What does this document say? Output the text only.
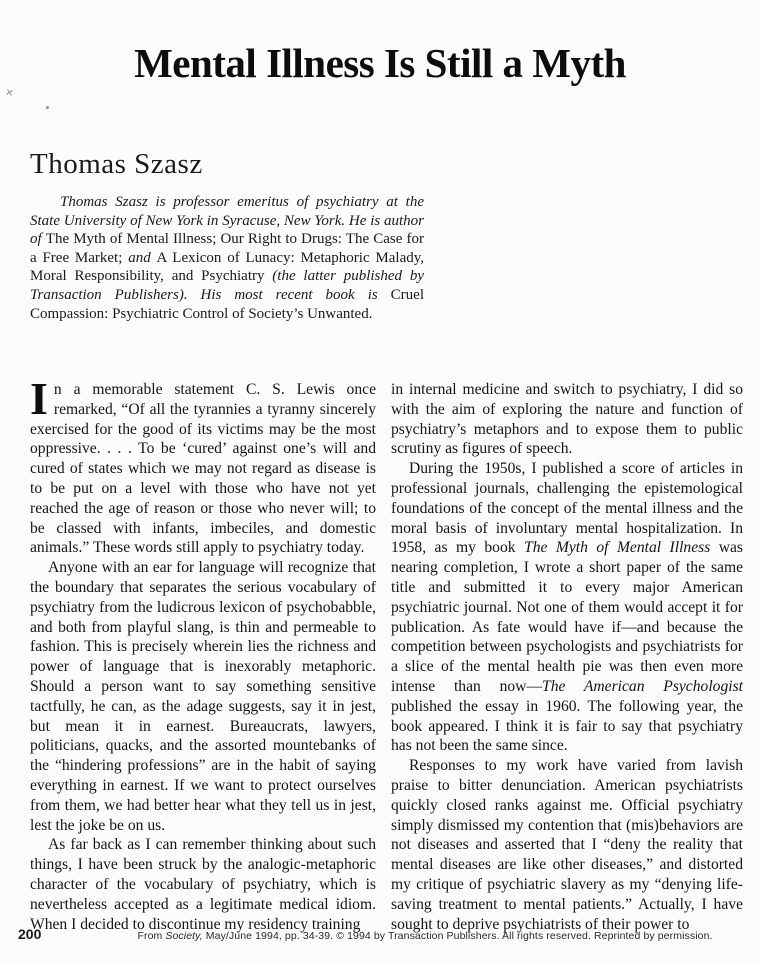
Mental Illness Is Still a Myth
✕
Thomas Szasz
Thomas Szasz is professor emeritus of psychiatry at the State University of New York in Syracuse, New York. He is author of The Myth of Mental Illness; Our Right to Drugs: The Case for a Free Market; and A Lexicon of Lunacy: Metaphoric Malady, Moral Responsibility, and Psychiatry (the latter published by Transaction Publishers). His most recent book is Cruel Compassion: Psychiatric Control of Society’s Unwanted.

In a memorable statement C. S. Lewis once remarked, “Of all the tyrannies a tyranny sincerely exercised for the good of its victims may be the most oppressive. . . . To be ‘cured’ against one’s will and cured of states which we may not regard as disease is to be put on a level with those who have not yet reached the age of reason or those who never will; to be classed with infants, imbeciles, and domestic animals.” These words still apply to psychiatry today.

Anyone with an ear for language will recognize that the boundary that separates the serious vocabulary of psychiatry from the ludicrous lexicon of psychobabble, and both from playful slang, is thin and permeable to fashion. This is precisely wherein lies the richness and power of language that is inexorably metaphoric. Should a person want to say something sensitive tactfully, he can, as the adage suggests, say it in jest, but mean it in earnest. Bureaucrats, lawyers, politicians, quacks, and the assorted mountebanks of the “hindering professions” are in the habit of saying everything in earnest. If we want to protect ourselves from them, we had better hear what they tell us in jest, lest the joke be on us.

As far back as I can remember thinking about such things, I have been struck by the analogic-metaphoric character of the vocabulary of psychiatry, which is nevertheless accepted as a legitimate medical idiom. When I decided to discontinue my residency training

in internal medicine and switch to psychiatry, I did so with the aim of exploring the nature and function of psychiatry’s metaphors and to expose them to public scrutiny as figures of speech.

During the 1950s, I published a score of articles in professional journals, challenging the epistemological foundations of the concept of the mental illness and the moral basis of involuntary mental hospitalization. In 1958, as my book The Myth of Mental Illness was nearing completion, I wrote a short paper of the same title and submitted it to every major American psychiatric journal. Not one of them would accept it for publication. As fate would have if—and because the competition between psychologists and psychiatrists for a slice of the mental health pie was then even more intense than now—The American Psychologist published the essay in 1960. The following year, the book appeared. I think it is fair to say that psychiatry has not been the same since.

Responses to my work have varied from lavish praise to bitter denunciation. American psychiatrists quickly closed ranks against me. Official psychiatry simply dismissed my contention that (mis)behaviors are not diseases and asserted that I “deny the reality that mental diseases are like other diseases,” and distorted my critique of psychiatric slavery as my “denying life-saving treatment to mental patients.” Actually, I have sought to deprive psychiatrists of their power to

200	From Society, May/June 1994, pp. 34-39. © 1994 by Transaction Publishers. All rights reserved. Reprinted by permission.
